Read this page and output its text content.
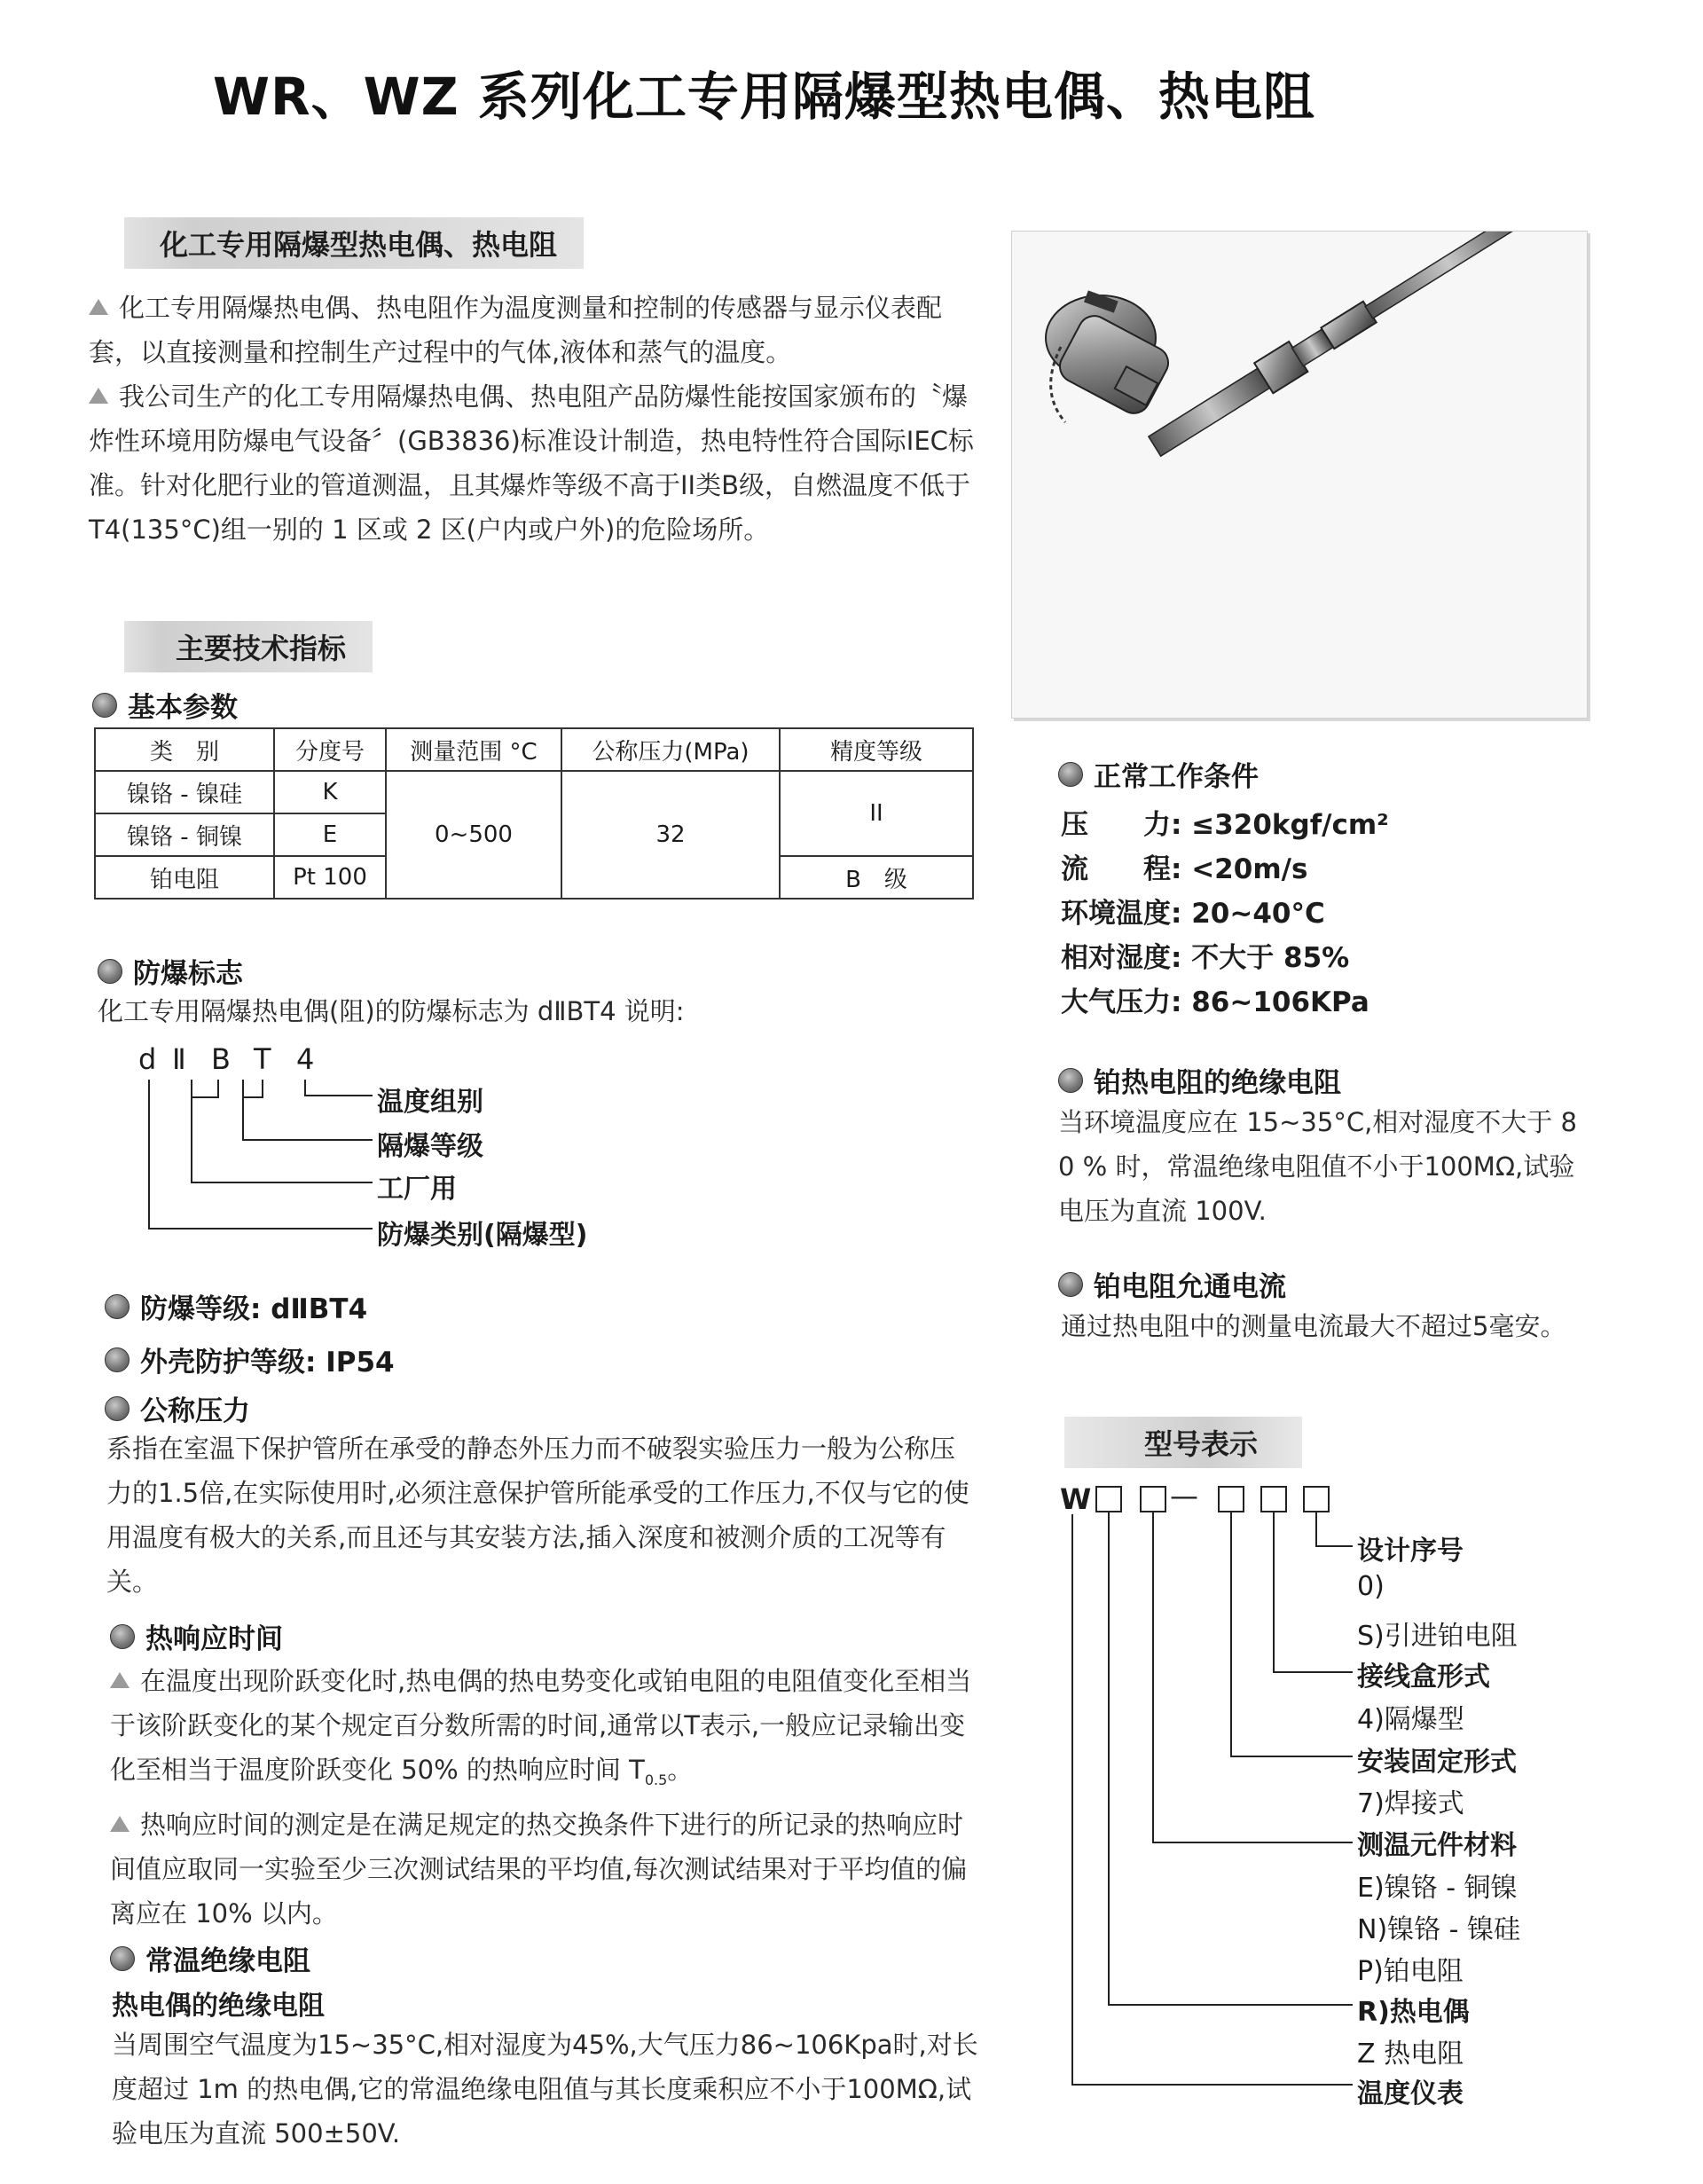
WR、WZ 系列化工专用隔爆型热电偶、热电阻
化工专用隔爆型热电偶、热电阻

化工专用隔爆热电偶、热电阻作为温度测量和控制的传感器与显示仪表配套，以直接测量和控制生产过程中的气体,液体和蒸气的温度。

我公司生产的化工专用隔爆热电偶、热电阻产品防爆性能按国家颁布的〝爆炸性环境用防爆电气设备〞(GB3836)标准设计制造，热电特性符合国际IEC标准。针对化肥行业的管道测温，且其爆炸等级不高于II类B级，自燃温度不低于T4(135°C)组一别的 1 区或 2 区(户内或户外)的危险场所。

主要技术指标
基本参数
类　别	分度号	测量范围 °C	公称压力(MPa)	精度等级
镍铬 - 镍硅	K	0~500	32	II
镍铬 - 铜镍	E			
铂电阻	Pt 100			B　级
防爆标志
化工专用隔爆热电偶(阻)的防爆标志为 dⅡBT4 说明:
d Ⅱ B T 4
温度组别
隔爆等级
工厂用
防爆类别(隔爆型)
防爆等级: dⅡBT4
外壳防护等级: IP54
公称压力
系指在室温下保护管所在承受的静态外压力而不破裂实验压力一般为公称压力的1.5倍,在实际使用时,必须注意保护管所能承受的工作压力,不仅与它的使用温度有极大的关系,而且还与其安装方法,插入深度和被测介质的工况等有关。
热响应时间

在温度出现阶跃变化时,热电偶的热电势变化或铂电阻的电阻值变化至相当于该阶跃变化的某个规定百分数所需的时间,通常以T表示,一般应记录输出变化至相当于温度阶跃变化 50% 的热响应时间 $T_{0.5}$。

热响应时间的测定是在满足规定的热交换条件下进行的所记录的热响应时间值应取同一实验至少三次测试结果的平均值,每次测试结果对于平均值的偏离应在 10% 以内。

常温绝缘电阻
热电偶的绝缘电阻
当周围空气温度为15~35°C,相对湿度为45%,大气压力86~106Kpa时,对长度超过 1m 的热电偶,它的常温绝缘电阻值与其长度乘积应不小于100MΩ,试验电压为直流 500±50V.
正常工作条件
压　　力: ≤320kgf/cm²
流　　程: <20m/s
环境温度: 20~40°C
相对湿度: 不大于 85%
大气压力: 86~106KPa
铂热电阻的绝缘电阻
当环境温度应在 15~35°C,相对湿度不大于 8 0 % 时，常温绝缘电阻值不小于100MΩ,试验电压为直流 100V.
铂电阻允通电流
通过热电阻中的测量电流最大不超过5毫安。
型号表示
W	—
设计序号
0)
S)引进铂电阻
接线盒形式
4)隔爆型
安装固定形式
7)焊接式
测温元件材料
E)镍铬 - 铜镍
N)镍铬 - 镍硅
P)铂电阻
R)热电偶
Z 热电阻
温度仪表
